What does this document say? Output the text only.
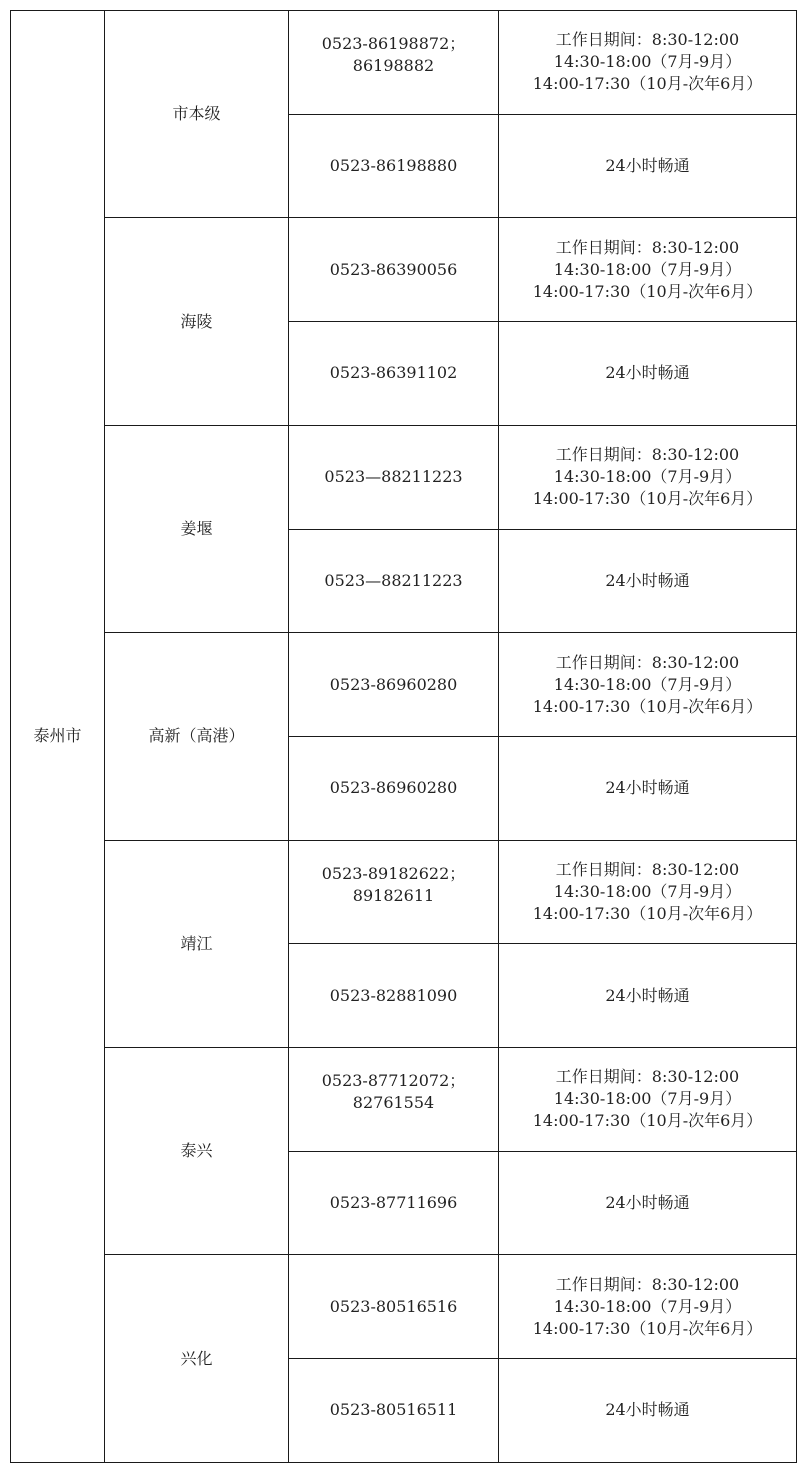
泰州市	市本级	0523-86198872；
86198882	工作日期间：8:30-12:00
14:30-18:00（7月-9月）
14:00-17:30（10月-次年6月）

		0523-86198880	24小时畅通

	海陵	0523-86390056	工作日期间：8:30-12:00
14:30-18:00（7月-9月）
14:00-17:30（10月-次年6月）

		0523-86391102	24小时畅通

	姜堰	0523—88211223	工作日期间：8:30-12:00
14:30-18:00（7月-9月）
14:00-17:30（10月-次年6月）

		0523—88211223	24小时畅通

	高新（高港）	0523-86960280	工作日期间：8:30-12:00
14:30-18:00（7月-9月）
14:00-17:30（10月-次年6月）

		0523-86960280	24小时畅通

	靖江	0523-89182622；
89182611	工作日期间：8:30-12:00
14:30-18:00（7月-9月）
14:00-17:30（10月-次年6月）

		0523-82881090	24小时畅通

	泰兴	0523-87712072；
82761554	工作日期间：8:30-12:00
14:30-18:00（7月-9月）
14:00-17:30（10月-次年6月）

		0523-87711696	24小时畅通

	兴化	0523-80516516	工作日期间：8:30-12:00
14:30-18:00（7月-9月）
14:00-17:30（10月-次年6月）

		0523-80516511	24小时畅通
